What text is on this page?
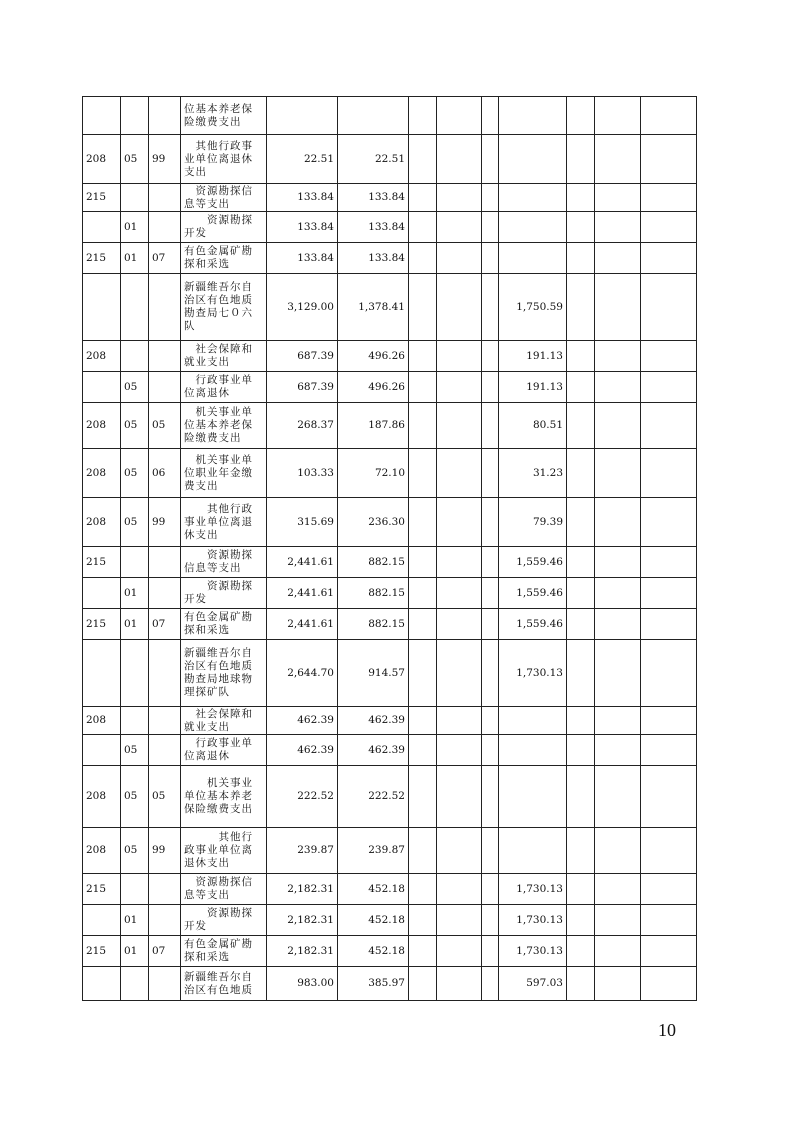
			位基本养老保险缴费支出									
208	05	99	　其他行政事业单位离退休支出	22.51	22.51							
215			　资源勘探信息等支出	133.84	133.84							
	01		　　资源勘探开发	133.84	133.84							
215	01	07	有色金属矿勘探和采选	133.84	133.84							
			新疆维吾尔自治区有色地质勘查局七０六队	3,129.00	1,378.41				1,750.59			
208			　社会保障和就业支出	687.39	496.26				191.13			
	05		　行政事业单位离退休	687.39	496.26				191.13			
208	05	05	　机关事业单位基本养老保险缴费支出	268.37	187.86				80.51			
208	05	06	　机关事业单位职业年金缴费支出	103.33	72.10				31.23			
208	05	99	　　其他行政事业单位离退休支出	315.69	236.30				79.39			
215			　　资源勘探信息等支出	2,441.61	882.15				1,559.46			
	01		　　资源勘探开发	2,441.61	882.15				1,559.46			
215	01	07	有色金属矿勘探和采选	2,441.61	882.15				1,559.46			
			新疆维吾尔自治区有色地质勘查局地球物理探矿队	2,644.70	914.57				1,730.13			
208			　社会保障和就业支出	462.39	462.39							
	05		　行政事业单位离退休	462.39	462.39							
208	05	05	　　机关事业单位基本养老保险缴费支出	222.52	222.52							
208	05	99	　　　其他行政事业单位离退休支出	239.87	239.87							
215			　资源勘探信息等支出	2,182.31	452.18				1,730.13			
	01		　　资源勘探开发	2,182.31	452.18				1,730.13			
215	01	07	有色金属矿勘探和采选	2,182.31	452.18				1,730.13			
			新疆维吾尔自治区有色地质	983.00	385.97				597.03			
10
